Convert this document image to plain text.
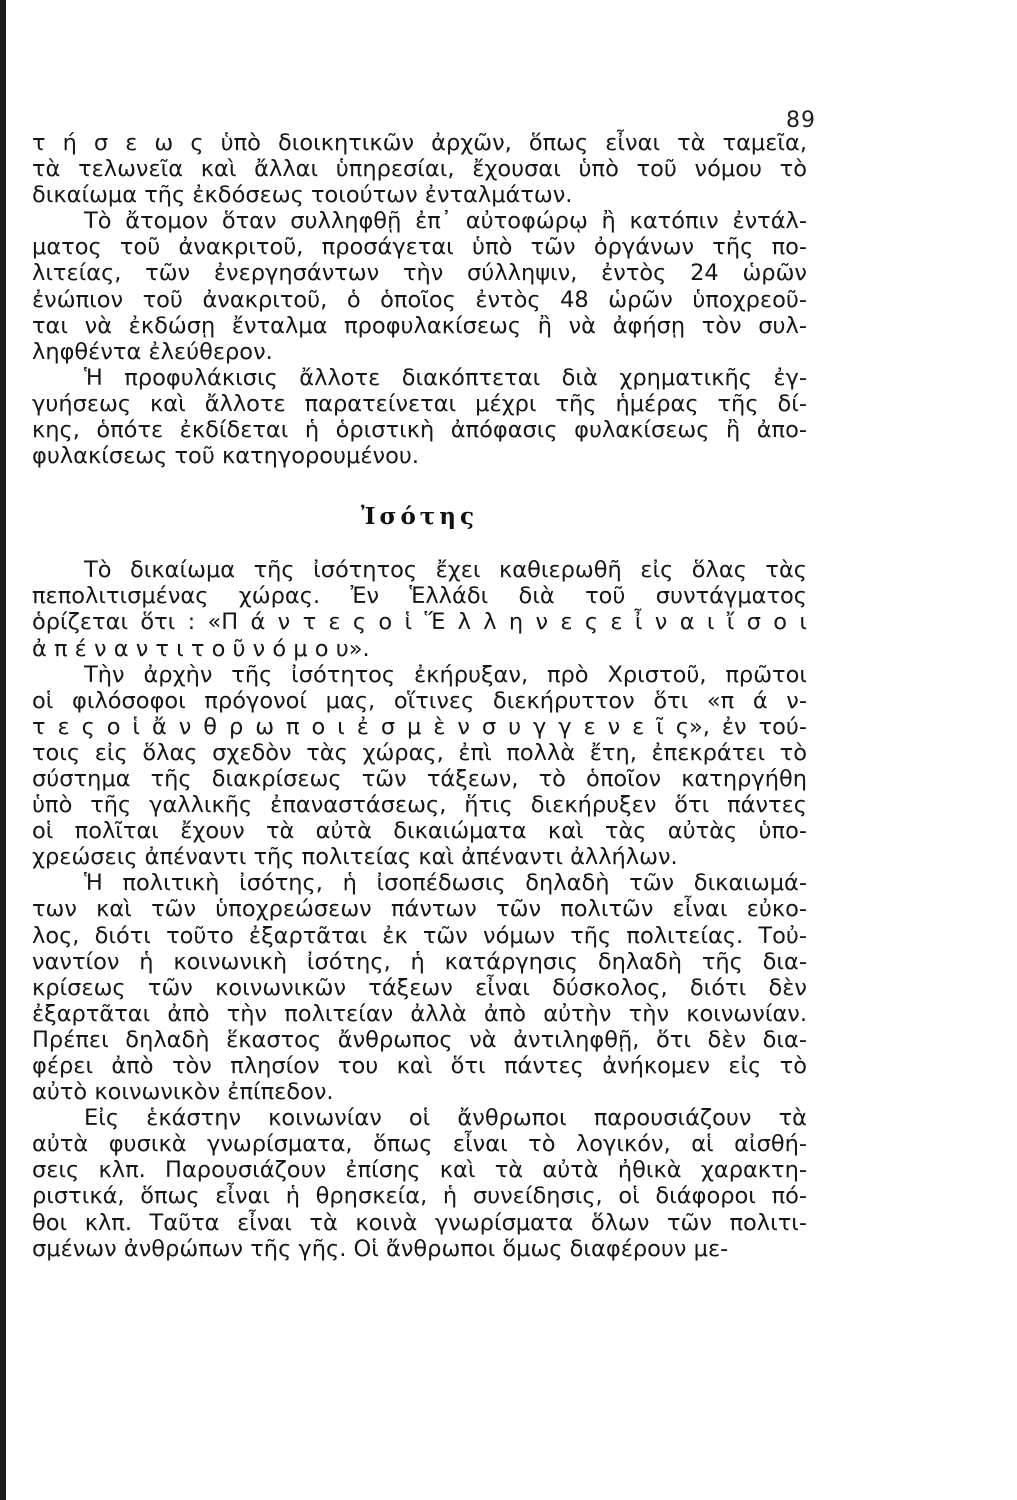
89
τ ή σ ε ω ς ὑπὸ διοικητικῶν ἀρχῶν, ὅπως εἶναι τὰ ταμεῖα,
τὰ τελωνεῖα καὶ ἄλλαι ὑπηρεσίαι, ἔχουσαι ὑπὸ τοῦ νόμου τὸ
δικαίωμα τῆς ἐκδόσεως τοιούτων ἐνταλμάτων.
Τὸ ἄτομον ὅταν συλληφθῇ ἐπ᾿ αὐτοφώρῳ ἢ κατόπιν ἐντάλ-
ματος τοῦ ἀνακριτοῦ, προσάγεται ὑπὸ τῶν ὀργάνων τῆς πο-
λιτείας, τῶν ἐνεργησάντων τὴν σύλληψιν, ἐντὸς 24 ὡρῶν
ἐνώπιον τοῦ ἀνακριτοῦ, ὁ ὁποῖος ἐντὸς 48 ὡρῶν ὑποχρεοῦ-
ται νὰ ἐκδώσῃ ἔνταλμα προφυλακίσεως ἢ νὰ ἀφήσῃ τὸν συλ-
ληφθέντα ἐλεύθερον.
Ἡ προφυλάκισις ἄλλοτε διακόπτεται διὰ χρηματικῆς ἐγ-
γυήσεως καὶ ἄλλοτε παρατείνεται μέχρι τῆς ἡμέρας τῆς δί-
κης, ὁπότε ἐκδίδεται ἡ ὁριστικὴ ἀπόφασις φυλακίσεως ἢ ἀπο-
φυλακίσεως τοῦ κατηγορουμένου.
Ἰσότης
Τὸ δικαίωμα τῆς ἰσότητος ἔχει καθιερωθῆ εἰς ὅλας τὰς
πεπολιτισμένας χώρας. Ἐν Ἑλλάδι διὰ τοῦ συντάγματος
ὁρίζεται ὅτι : «Π ά ν τ ε ς ο ἱ Ἕ λ λ η ν ε ς ε ἶ ν α ι ἴ σ ο ι
ἀ π έ ν α ν τ ι τ ο ῦ ν ό μ ο υ».
Τὴν ἀρχὴν τῆς ἰσότητος ἐκήρυξαν, πρὸ Χριστοῦ, πρῶτοι
οἱ φιλόσοφοι πρόγονοί μας, οἵτινες διεκήρυττον ὅτι «π ά ν-
τ ε ς ο ἱ ἄ ν θ ρ ω π ο ι ἐ σ μ ὲ ν σ υ γ γ ε ν ε ῖ ς», ἐν τού-
τοις εἰς ὅλας σχεδὸν τὰς χώρας, ἐπὶ πολλὰ ἔτη, ἐπεκράτει τὸ
σύστημα τῆς διακρίσεως τῶν τάξεων, τὸ ὁποῖον κατηργήθη
ὑπὸ τῆς γαλλικῆς ἐπαναστάσεως, ἥτις διεκήρυξεν ὅτι πάντες
οἱ πολῖται ἔχουν τὰ αὐτὰ δικαιώματα καὶ τὰς αὐτὰς ὑπο-
χρεώσεις ἀπέναντι τῆς πολιτείας καὶ ἀπέναντι ἀλλήλων.
Ἡ πολιτικὴ ἰσότης, ἡ ἰσοπέδωσις δηλαδὴ τῶν δικαιωμά-
των καὶ τῶν ὑποχρεώσεων πάντων τῶν πολιτῶν εἶναι εὐκο-
λος, διότι τοῦτο ἐξαρτᾶται ἐκ τῶν νόμων τῆς πολιτείας. Τοὐ-
ναντίον ἡ κοινωνικὴ ἰσότης, ἡ κατάργησις δηλαδὴ τῆς δια-
κρίσεως τῶν κοινωνικῶν τάξεων εἶναι δύσκολος, διότι δὲν
ἐξαρτᾶται ἀπὸ τὴν πολιτείαν ἀλλὰ ἀπὸ αὐτὴν τὴν κοινωνίαν.
Πρέπει δηλαδὴ ἕκαστος ἄνθρωπος νὰ ἀντιληφθῇ, ὅτι δὲν δια-
φέρει ἀπὸ τὸν πλησίον του καὶ ὅτι πάντες ἀνήκομεν εἰς τὸ
αὐτὸ κοινωνικὸν ἐπίπεδον.
Εἰς ἑκάστην κοινωνίαν οἱ ἄνθρωποι παρουσιάζουν τὰ
αὐτὰ φυσικὰ γνωρίσματα, ὅπως εἶναι τὸ λογικόν, αἱ αἰσθή-
σεις κλπ. Παρουσιάζουν ἐπίσης καὶ τὰ αὐτὰ ἠθικὰ χαρακτη-
ριστικά, ὅπως εἶναι ἡ θρησκεία, ἡ συνείδησις, οἱ διάφοροι πό-
θοι κλπ. Ταῦτα εἶναι τὰ κοινὰ γνωρίσματα ὅλων τῶν πολιτι-
σμένων ἀνθρώπων τῆς γῆς. Οἱ ἄνθρωποι ὅμως διαφέρουν με-
